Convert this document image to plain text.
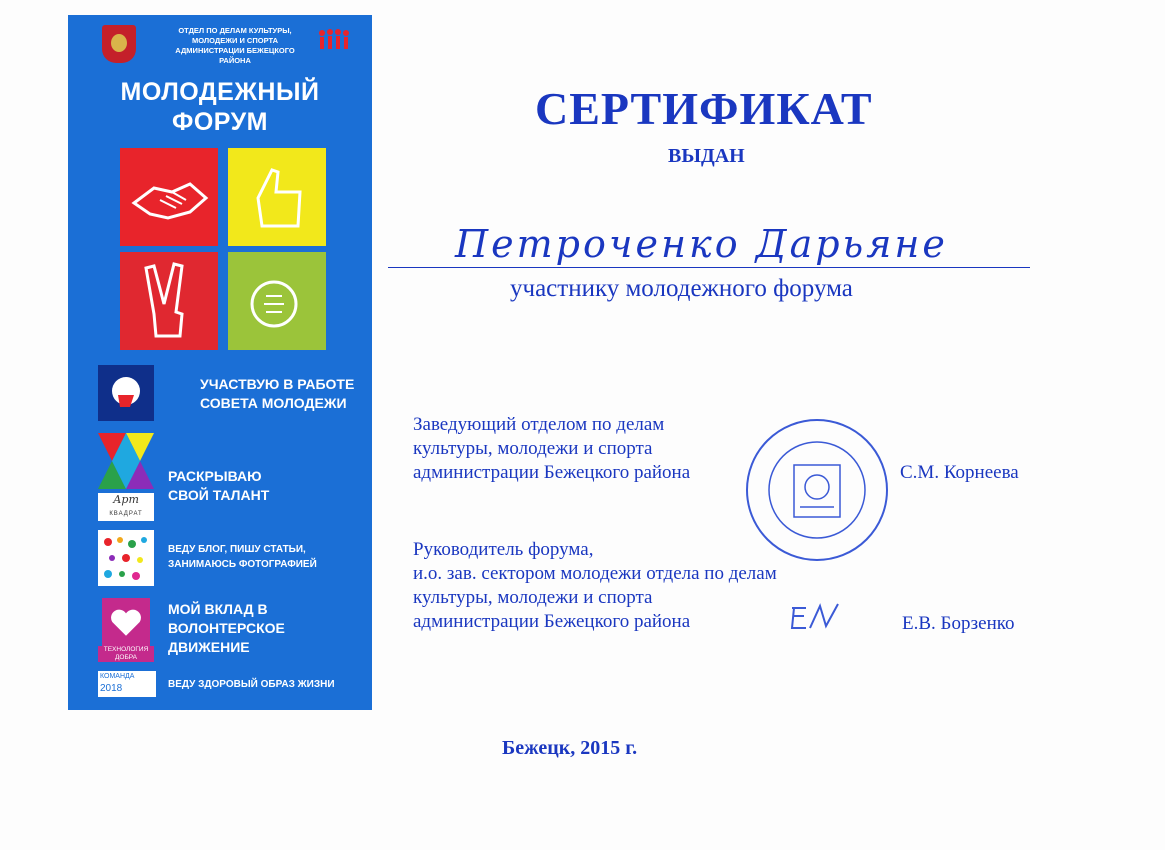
ОТДЕЛ ПО ДЕЛАМ КУЛЬТУРЫ, МОЛОДЕЖИ И СПОРТА АДМИНИСТРАЦИИ БЕЖЕЦКОГО РАЙОНА
МОЛОДЕЖНЫЙ
ФОРУМ
УЧАСТВУЮ В РАБОТЕ
СОВЕТА МОЛОДЕЖИ
Арт
КВАДРАТ
РАСКРЫВАЮ
СВОЙ ТАЛАНТ
ВЕДУ БЛОГ, ПИШУ СТАТЬИ,
ЗАНИМАЮСЬ ФОТОГРАФИЕЙ
ТЕХНОЛОГИЯ ДОБРА
МОЙ ВКЛАД В
ВОЛОНТЕРСКОЕ
ДВИЖЕНИЕ
КОМАНДА
2018	ВЕДУ ЗДОРОВЫЙ ОБРАЗ ЖИЗНИ
СЕРТИФИКАТ
ВЫДАН
Петроченко Дарьяне
участнику молодежного форума
Заведующий отделом по делам
культуры, молодежи и спорта
администрации Бежецкого района	С.М. Корнеева
Руководитель форума,
и.о. зав. сектором молодежи отдела по делам
культуры, молодежи и спорта
администрации Бежецкого района	Е.В. Борзенко
Бежецк, 2015 г.
